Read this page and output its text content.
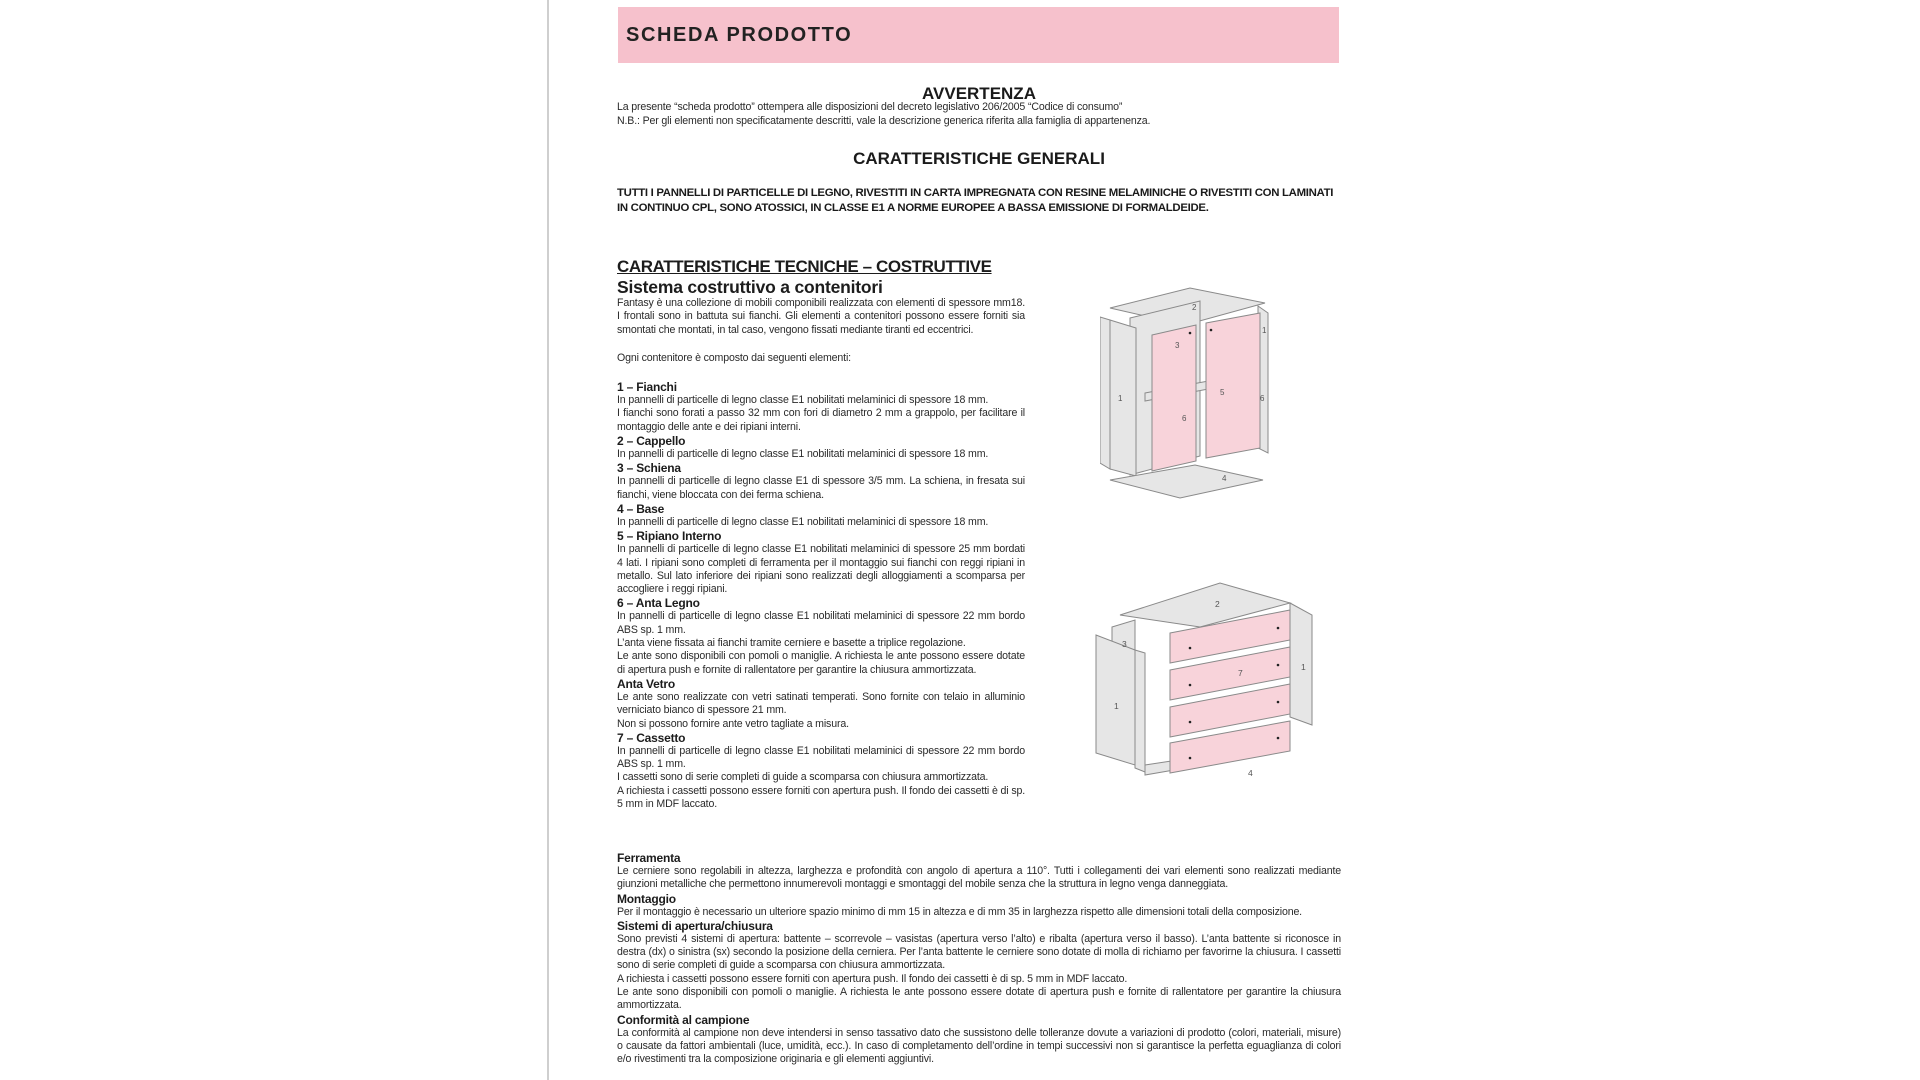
SCHEDA PRODOTTO
AVVERTENZA
La presente “scheda prodotto” ottempera alle disposizioni del decreto legislativo 206/2005 “Codice di consumo”
N.B.: Per gli elementi non specificatamente descritti, vale la descrizione generica riferita alla famiglia di appartenenza.
CARATTERISTICHE GENERALI
TUTTI I PANNELLI DI PARTICELLE DI LEGNO, RIVESTITI IN CARTA IMPREGNATA CON RESINE MELAMINICHE O RIVESTITI CON LAMINATI
IN CONTINUO CPL, SONO ATOSSICI, IN CLASSE E1 A NORME EUROPEE A BASSA EMISSIONE DI FORMALDEIDE.
CARATTERISTICHE TECNICHE – COSTRUTTIVE
Sistema costruttivo a contenitori
Fantasy è una collezione di mobili componibili realizzata con elementi di spessore mm18. I frontali sono in battuta sui fianchi. Gli elementi a contenitori possono essere forniti sia smontati che montati, in tal caso, vengono fissati mediante tiranti ed eccentrici.
Ogni contenitore è composto dai seguenti elementi:
1 – Fianchi
In pannelli di particelle di legno classe E1 nobilitati melaminici di spessore 18 mm.
I fianchi sono forati a passo 32 mm con fori di diametro 2 mm a grappolo, per facilitare il montaggio delle ante e dei ripiani interni.
2 – Cappello
In pannelli di particelle di legno classe E1 nobilitati melaminici di spessore 18 mm.
3 – Schiena
In pannelli di particelle di legno classe E1 di spessore 3/5 mm. La schiena, in fresata sui fianchi, viene bloccata con dei ferma schiena.
4 – Base
In pannelli di particelle di legno classe E1 nobilitati melaminici di spessore 18 mm.
5 – Ripiano Interno
In pannelli di particelle di legno classe E1 nobilitati melaminici di spessore 25 mm bordati 4 lati. I ripiani sono completi di ferramenta per il montaggio sui fianchi con reggi ripiani in metallo. Sul lato inferiore dei ripiani sono realizzati degli alloggiamenti a scomparsa per accogliere i reggi ripiani.
6 – Anta Legno
In pannelli di particelle di legno classe E1 nobilitati melaminici di spessore 22 mm bordo ABS sp. 1 mm.
L’anta viene fissata ai fianchi tramite cerniere e basette a triplice regolazione.
Le ante sono disponibili con pomoli o maniglie. A richiesta le ante possono essere dotate di apertura push e fornite di rallentatore per garantire la chiusura ammortizzata.
Anta Vetro
Le ante sono realizzate con vetri satinati temperati. Sono fornite con telaio in alluminio verniciato bianco di spessore 21 mm.
Non si possono fornire ante vetro tagliate a misura.
7 – Cassetto
In pannelli di particelle di legno classe E1 nobilitati melaminici di spessore 22 mm bordo ABS sp. 1 mm.
I cassetti sono di serie completi di guide a scomparsa con chiusura ammortizzata.
A richiesta i cassetti possono essere forniti con apertura push. Il fondo dei cassetti è di sp. 5 mm in MDF laccato.
1
2
3
1
5
6
6
4
2
3
1
1
7
4
Ferramenta
Le cerniere sono regolabili in altezza, larghezza e profondità con angolo di apertura a 110°. Tutti i collegamenti dei vari elementi sono realizzati mediante giunzioni metalliche che permettono innumerevoli montaggi e smontaggi del mobile senza che la struttura in legno venga danneggiata.
Montaggio
Per il montaggio è necessario un ulteriore spazio minimo di mm 15 in altezza e di mm 35 in larghezza rispetto alle dimensioni totali della composizione.
Sistemi di apertura/chiusura
Sono previsti 4 sistemi di apertura: battente – scorrevole – vasistas (apertura verso l’alto) e ribalta (apertura verso il basso). L’anta battente si riconosce in destra (dx) o sinistra (sx) secondo la posizione della cerniera. Per l’anta battente le cerniere sono dotate di molla di richiamo per favorirne la chiusura. I cassetti sono di serie completi di guide a scomparsa con chiusura ammortizzata.
A richiesta i cassetti possono essere forniti con apertura push. Il fondo dei cassetti è di sp. 5 mm in MDF laccato.
Le ante sono disponibili con pomoli o maniglie. A richiesta le ante possono essere dotate di apertura push e fornite di rallentatore per garantire la chiusura ammortizzata.
Conformità al campione
La conformità al campione non deve intendersi in senso tassativo dato che sussistono delle tolleranze dovute a variazioni di prodotto (colori, materiali, misure) o causate da fattori ambientali (luce, umidità, ecc.). In caso di completamento dell’ordine in tempi successivi non si garantisce la perfetta eguaglianza di colori e/o rivestimenti tra la composizione originaria e gli elementi aggiuntivi.
